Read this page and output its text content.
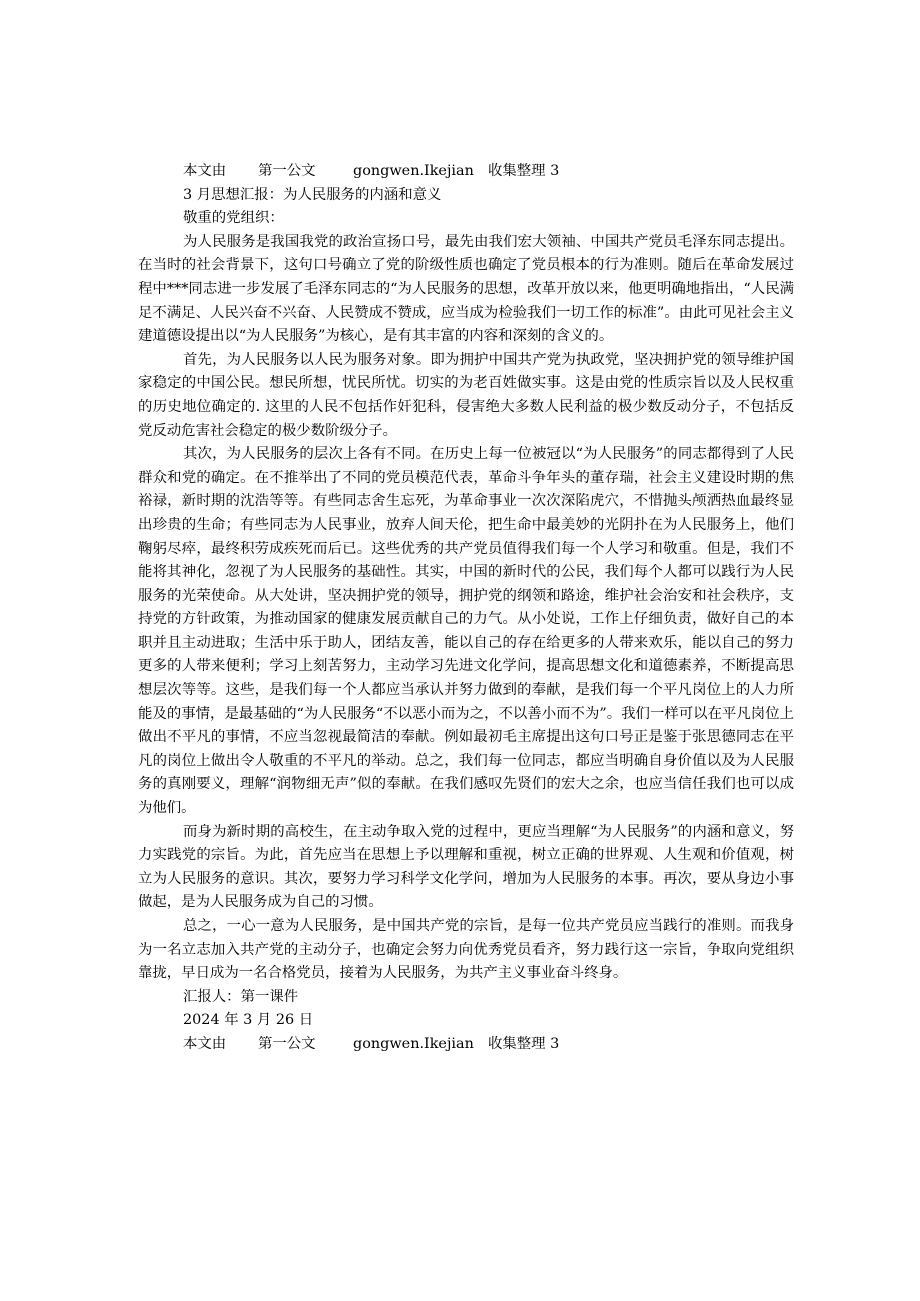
本文由 第一公文	gongwen.Ikejian 收集整理 3

3 月思想汇报：为人民服务的内涵和意义

敬重的党组织：

为人民服务是我国我党的政治宣扬口号，最先由我们宏大领袖、中国共产党员毛泽东同志提出。在当时的社会背景下，这句口号确立了党的阶级性质也确定了党员根本的行为准则。随后在革命发展过程中***同志进一步发展了毛泽东同志的“为人民服务的思想，改革开放以来，他更明确地指出，“人民满足不满足、人民兴奋不兴奋、人民赞成不赞成，应当成为检验我们一切工作的标准”。由此可见社会主义建道德设提出以“为人民服务”为核心，是有其丰富的内容和深刻的含义的。

首先，为人民服务以人民为服务对象。即为拥护中国共产党为执政党，坚决拥护党的领导维护国家稳定的中国公民。想民所想，忧民所忧。切实的为老百姓做实事。这是由党的性质宗旨以及人民权重的历史地位确定的. 这里的人民不包括作奸犯科，侵害绝大多数人民利益的极少数反动分子，不包括反党反动危害社会稳定的极少数阶级分子。

其次，为人民服务的层次上各有不同。在历史上每一位被冠以“为人民服务”的同志都得到了人民群众和党的确定。在不推举出了不同的党员模范代表，革命斗争年头的董存瑞，社会主义建设时期的焦裕禄，新时期的沈浩等等。有些同志舍生忘死，为革命事业一次次深陷虎穴，不惜抛头颅洒热血最终显出珍贵的生命；有些同志为人民事业，放弃人间天伦，把生命中最美妙的光阴扑在为人民服务上，他们鞠躬尽瘁，最终积劳成疾死而后已。这些优秀的共产党员值得我们每一个人学习和敬重。但是，我们不能将其神化，忽视了为人民服务的基础性。其实，中国的新时代的公民，我们每个人都可以践行为人民服务的光荣使命。从大处讲，坚决拥护党的领导，拥护党的纲领和路途，维护社会治安和社会秩序，支持党的方针政策，为推动国家的健康发展贡献自己的力气。从小处说，工作上仔细负责，做好自己的本职并且主动进取；生活中乐于助人，团结友善，能以自己的存在给更多的人带来欢乐，能以自己的努力更多的人带来便利；学习上刻苦努力，主动学习先进文化学问，提高思想文化和道德素养，不断提高思想层次等等。这些，是我们每一个人都应当承认并努力做到的奉献，是我们每一个平凡岗位上的人力所能及的事情，是最基础的“为人民服务“不以恶小而为之，不以善小而不为”。我们一样可以在平凡岗位上做出不平凡的事情，不应当忽视最简洁的奉献。例如最初毛主席提出这句口号正是鉴于张思德同志在平凡的岗位上做出令人敬重的不平凡的举动。总之，我们每一位同志，都应当明确自身价值以及为人民服务的真刚要义，理解“润物细无声”似的奉献。在我们感叹先贤们的宏大之余，也应当信任我们也可以成为他们。

而身为新时期的高校生，在主动争取入党的过程中，更应当理解“为人民服务”的内涵和意义，努力实践党的宗旨。为此，首先应当在思想上予以理解和重视，树立正确的世界观、人生观和价值观，树立为人民服务的意识。其次，要努力学习科学文化学问，增加为人民服务的本事。再次，要从身边小事做起，是为人民服务成为自己的习惯。

总之，一心一意为人民服务，是中国共产党的宗旨，是每一位共产党员应当践行的准则。而我身为一名立志加入共产党的主动分子，也确定会努力向优秀党员看齐，努力践行这一宗旨，争取向党组织靠拢，早日成为一名合格党员，接着为人民服务，为共产主义事业奋斗终身。

汇报人：第一课件

2024 年 3 月 26 日

本文由 第一公文	gongwen.Ikejian 收集整理 3
